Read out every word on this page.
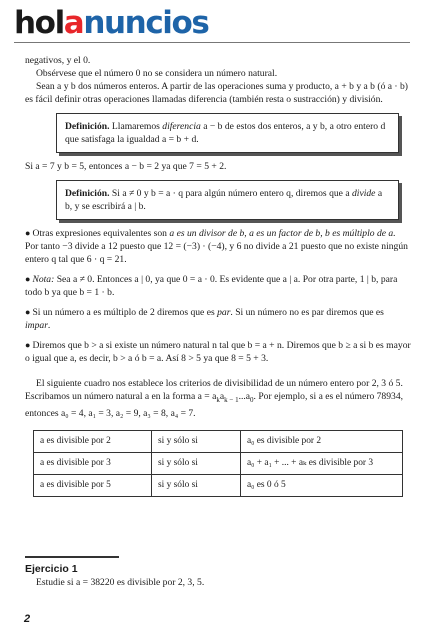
holanuncios

negativos, y el 0.

Obsérvese que el número 0 no se considera un número natural.

Sean a y b dos números enteros. A partir de las operaciones suma y producto, a + b y a b (ó a · b) es fácil definir otras operaciones llamadas diferencia (también resta o sustracción) y división.

Definición. Llamaremos diferencia a − b de estos dos enteros, a y b, a otro entero d que satisfaga la igualdad a = b + d.

Si a = 7 y b = 5, entonces a − b = 2 ya que 7 = 5 + 2.

Definición. Si a ≠ 0 y b = a · q para algún número entero q, diremos que a divide a b, y se escribirá a | b.

● Otras expresiones equivalentes son a es un divisor de b, a es un factor de b, b es múltiplo de a. Por tanto −3 divide a 12 puesto que 12 = (−3) · (−4), y 6 no divide a 21 puesto que no existe ningún entero q tal que 6 · q = 21.

● Nota: Sea a ≠ 0. Entonces a | 0, ya que 0 = a · 0. Es evidente que a | a. Por otra parte, 1 | b, para todo b ya que b = 1 · b.

● Si un número a es múltiplo de 2 diremos que es par. Si un número no es par diremos que es impar.

● Diremos que b > a si existe un número natural n tal que b = a + n. Diremos que b ≥ a si b es mayor o igual que a, es decir, b > a ó b = a. Así 8 > 5 ya que 8 = 5 + 3.

El siguiente cuadro nos establece los criterios de divisibilidad de un número entero por 2, 3 ó 5. Escribamos un número natural a en la forma $a = a_ka_{k - 1}...a_0$. Por ejemplo, si a es el número 78934, entonces a₀ = 4, a₁ = 3, a₂ = 9, a₃ = 8, a₄ = 7.

a es divisible por 2	si y sólo si	a₀ es divisible por 2
a es divisible por 3	si y sólo si	a₀ + a₁ + ... + aₖ es divisible por 3
a es divisible por 5	si y sólo si	a₀ es 0 ó 5
Ejercicio 1
Estudie si a = 38220 es divisible por 2, 3, 5.
2
